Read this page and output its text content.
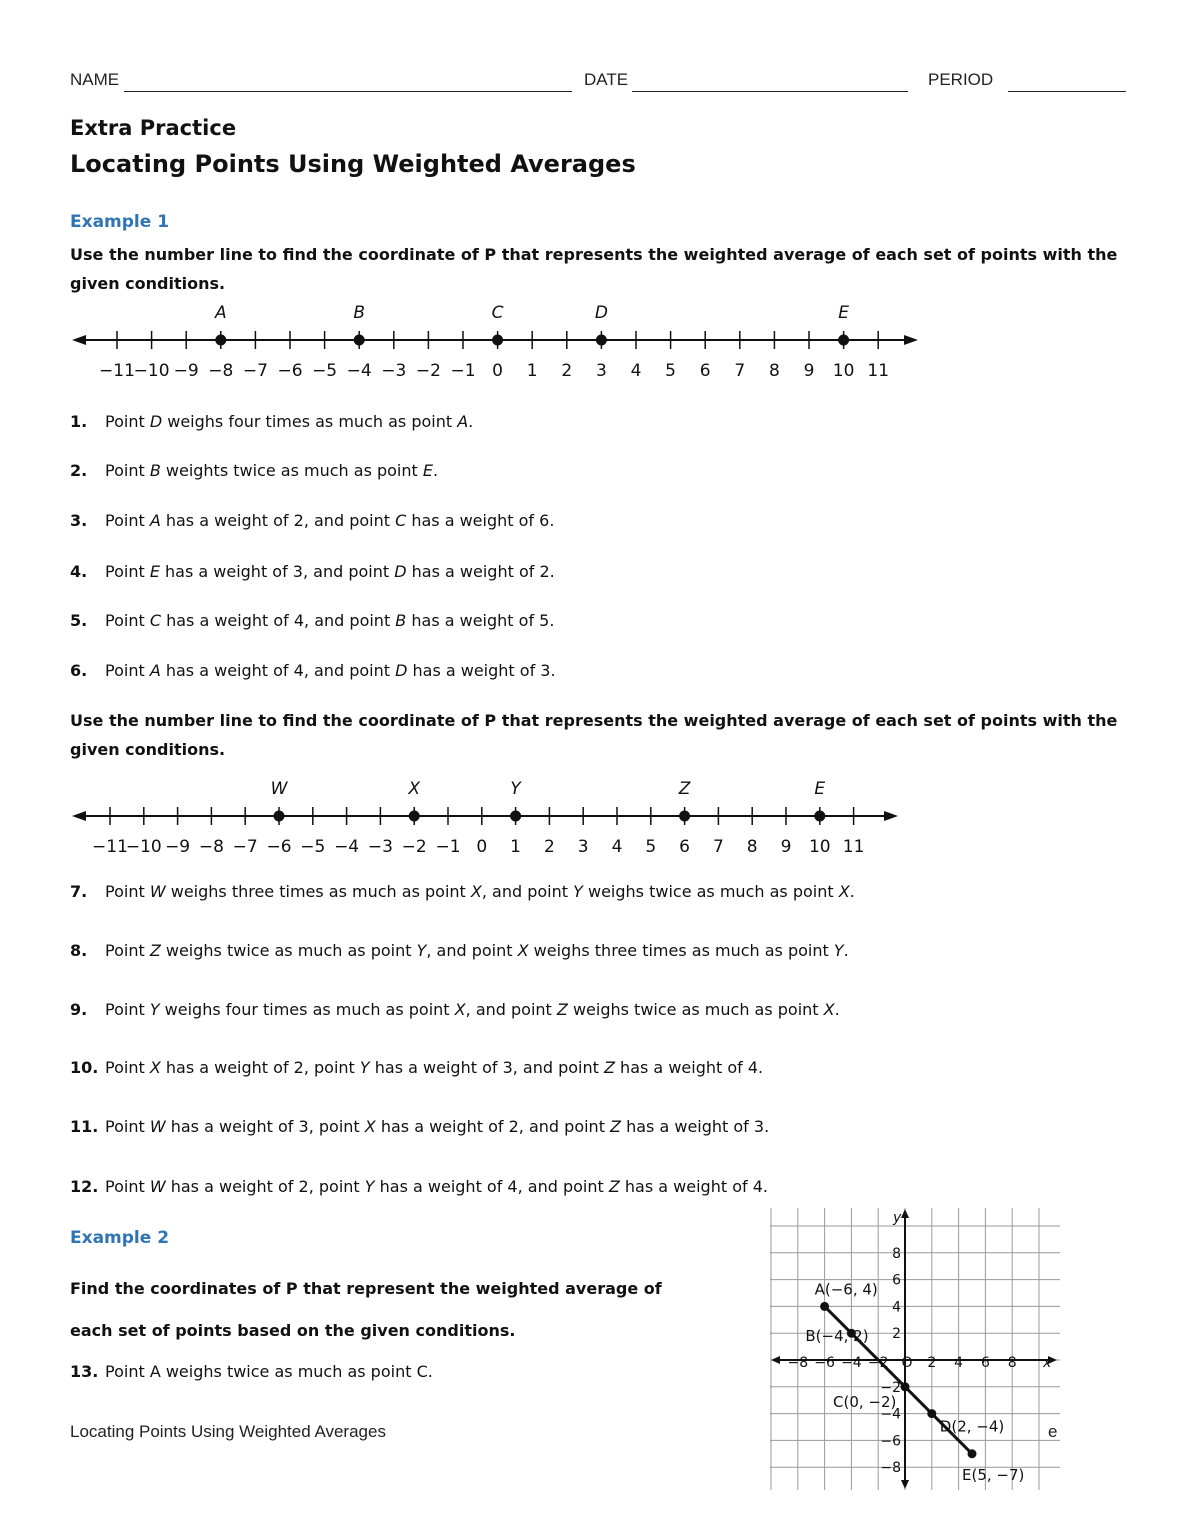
NAME	DATE	PERIOD
Extra Practice
Locating Points Using Weighted Averages
Example 1
Use the number line to find the coordinate of P that represents the weighted average of each set of points with the given conditions.
−11
−10 −9 −8 −7 −6 −5 −4 −3 −2 −1 0 1 2 3 4 5 6 7 8 9 10 11
A	B	C	D	E
1. Point D weighs four times as much as point A.
2. Point B weights twice as much as point E.
3. Point A has a weight of 2, and point C has a weight of 6.
4. Point E has a weight of 3, and point D has a weight of 2.
5. Point C has a weight of 4, and point B has a weight of 5.
6. Point A has a weight of 4, and point D has a weight of 3.
Use the number line to find the coordinate of P that represents the weighted average of each set of points with the given conditions.
−11
−10 −9 −8 −7 −6 −5 −4 −3 −2 −1 0 1 2 3 4 5 6 7 8 9 10 11
W	X	Y	Z	E
7. Point W weighs three times as much as point X, and point Y weighs twice as much as point X.
8. Point Z weighs twice as much as point Y, and point X weighs three times as much as point Y.
9. Point Y weighs four times as much as point X, and point Z weighs twice as much as point X.
10. Point X has a weight of 2, point Y has a weight of 3, and point Z has a weight of 4.
11. Point W has a weight of 3, point X has a weight of 2, and point Z has a weight of 3.
12. Point W has a weight of 2, point Y has a weight of 4, and point Z has a weight of 4.
Example 2
Find the coordinates of P that represent the weighted average of
each set of points based on the given conditions.
13. Point A weighs twice as much as point C.	−8 −6 −4 −2 O 2 4 6 8
8
6
4
2
−2
−4
−6
−8
x
y
A(−6, 4)
B(−4, 2)
C(0, −2)
D(2, −4)
E(5, −7)
Locating Points Using Weighted Averages	e
